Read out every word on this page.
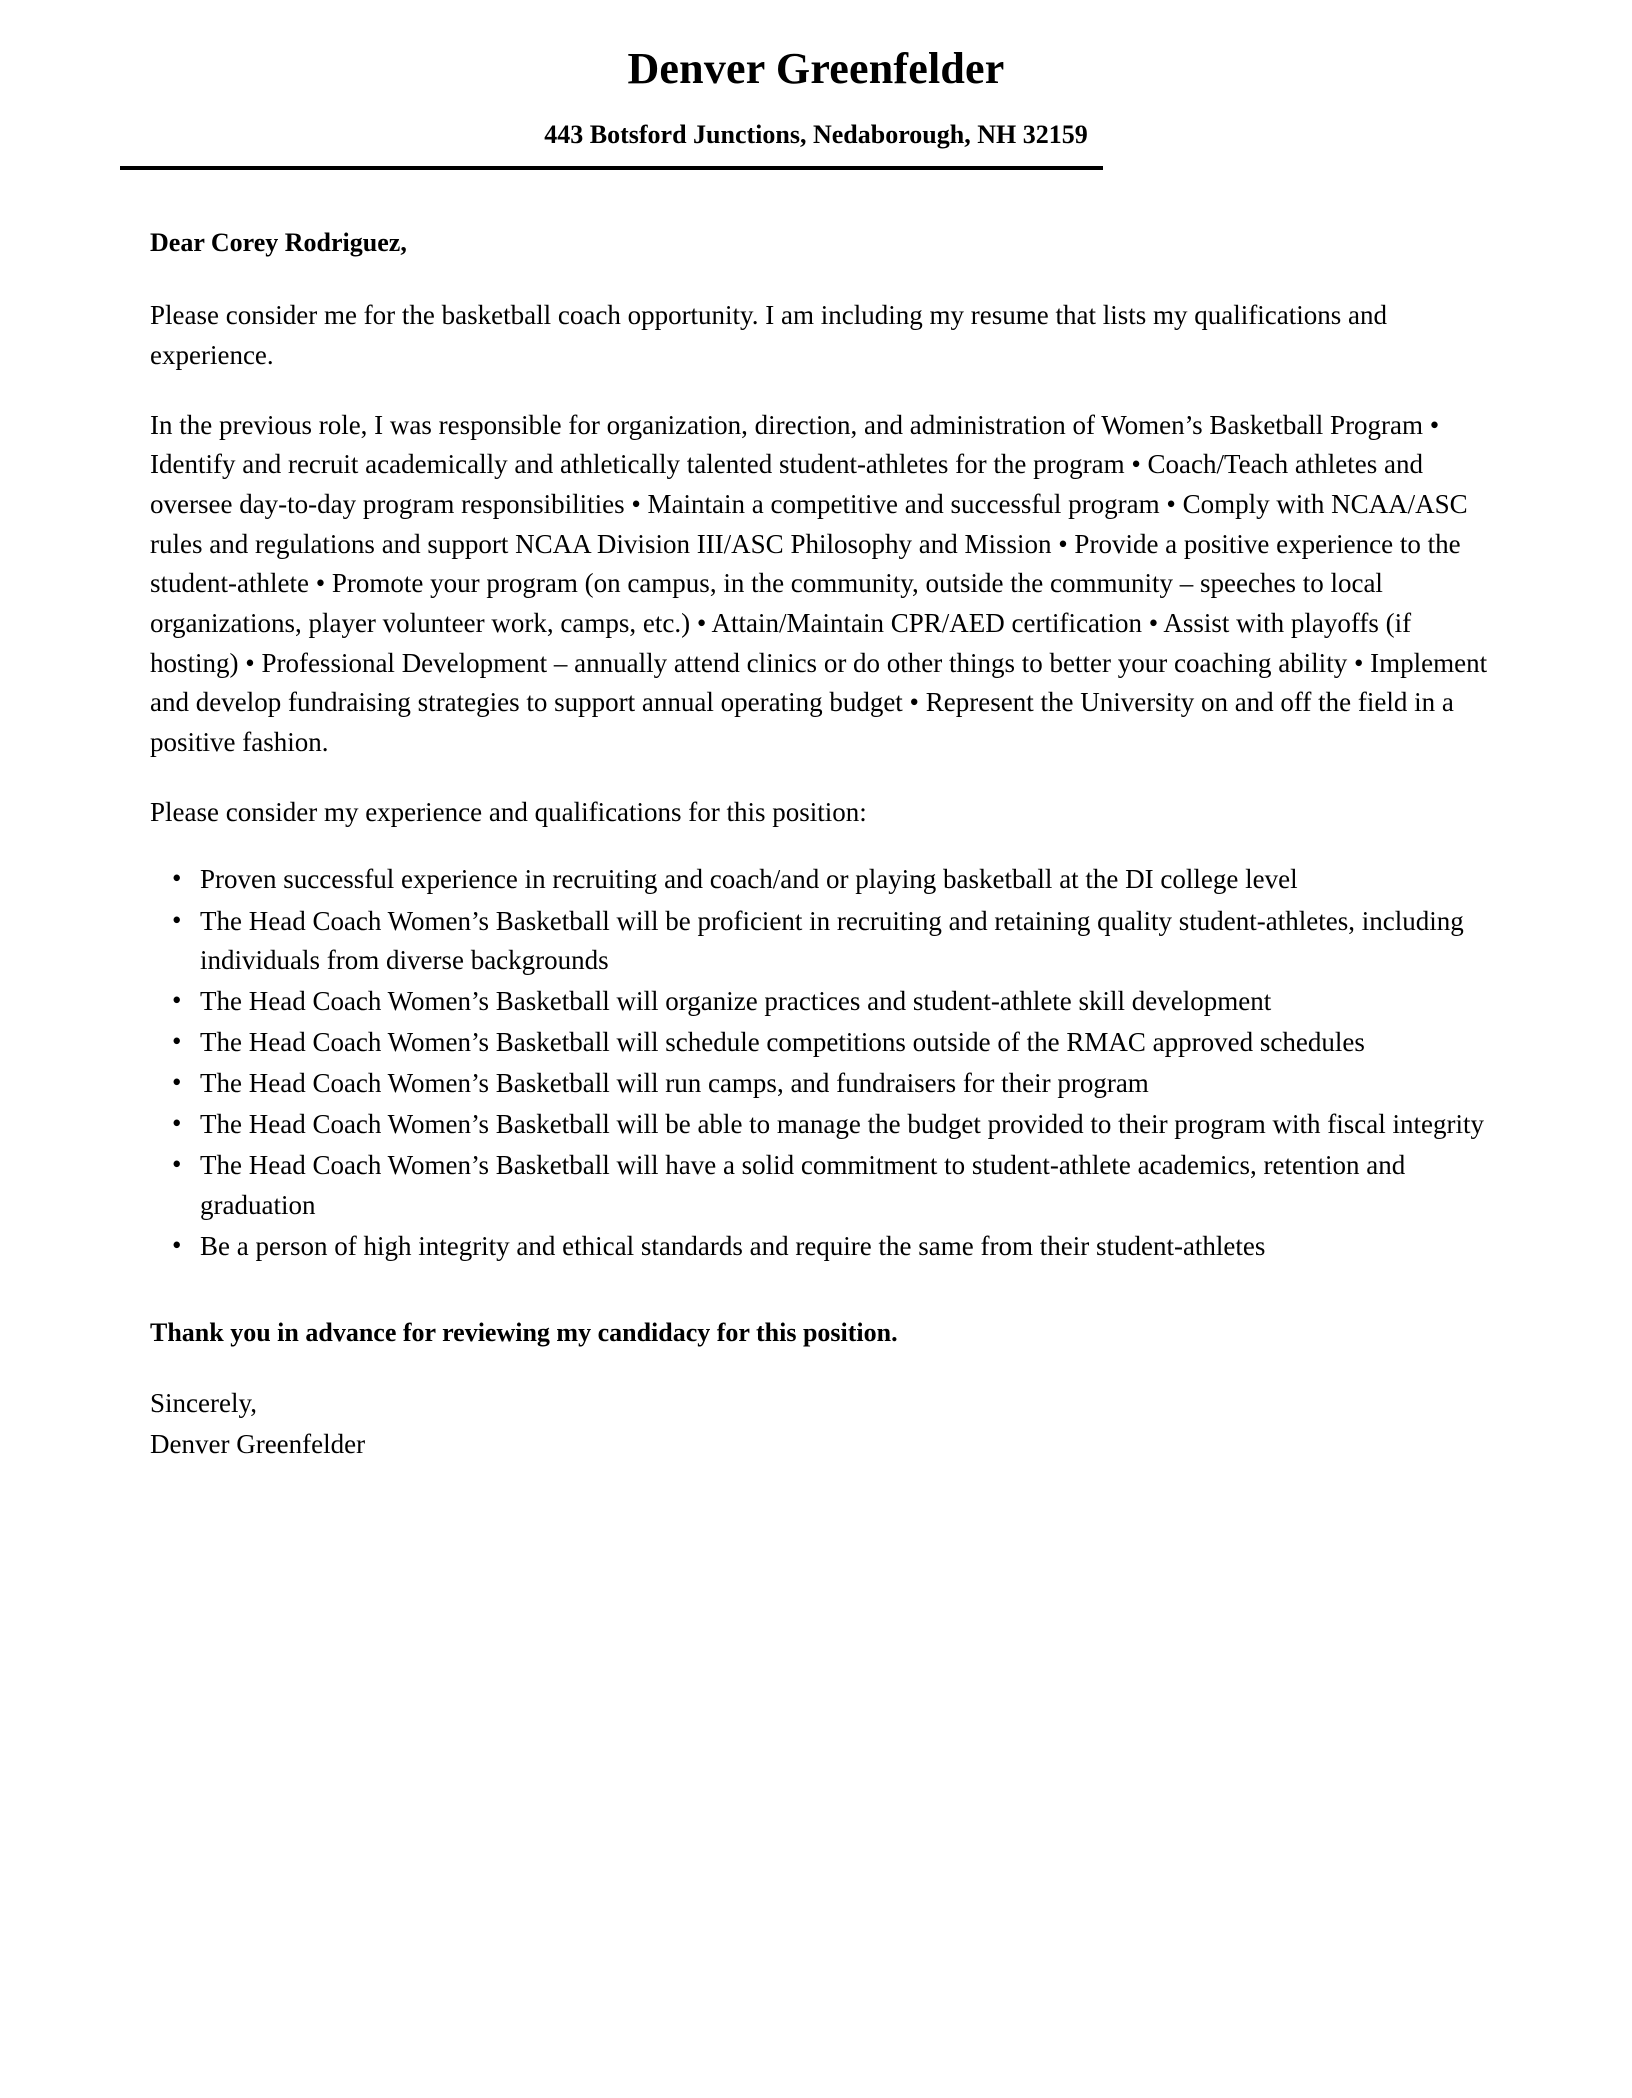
Denver Greenfelder
443 Botsford Junctions, Nedaborough, NH 32159
Dear Corey Rodriguez,

Please consider me for the basketball coach opportunity. I am including my resume that lists my qualifications and experience.

In the previous role, I was responsible for organization, direction, and administration of Women’s Basketball Program • Identify and recruit academically and athletically talented student-athletes for the program • Coach/Teach athletes and oversee day-to-day program responsibilities • Maintain a competitive and successful program • Comply with NCAA/ASC rules and regulations and support NCAA Division III/ASC Philosophy and Mission • Provide a positive experience to the student-athlete • Promote your program (on campus, in the community, outside the community – speeches to local organizations, player volunteer work, camps, etc.) • Attain/Maintain CPR/AED certification • Assist with playoffs (if hosting) • Professional Development – annually attend clinics or do other things to better your coaching ability • Implement and develop fundraising strategies to support annual operating budget • Represent the University on and off the field in a positive fashion.

Please consider my experience and qualifications for this position:

• Proven successful experience in recruiting and coach/and or playing basketball at the DI college level
• The Head Coach Women’s Basketball will be proficient in recruiting and retaining quality student-athletes, including individuals from diverse backgrounds
• The Head Coach Women’s Basketball will organize practices and student-athlete skill development
• The Head Coach Women’s Basketball will schedule competitions outside of the RMAC approved schedules
• The Head Coach Women’s Basketball will run camps, and fundraisers for their program
• The Head Coach Women’s Basketball will be able to manage the budget provided to their program with fiscal integrity
• The Head Coach Women’s Basketball will have a solid commitment to student-athlete academics, retention and graduation
• Be a person of high integrity and ethical standards and require the same from their student-athletes
Thank you in advance for reviewing my candidacy for this position.
Sincerely,
Denver Greenfelder
